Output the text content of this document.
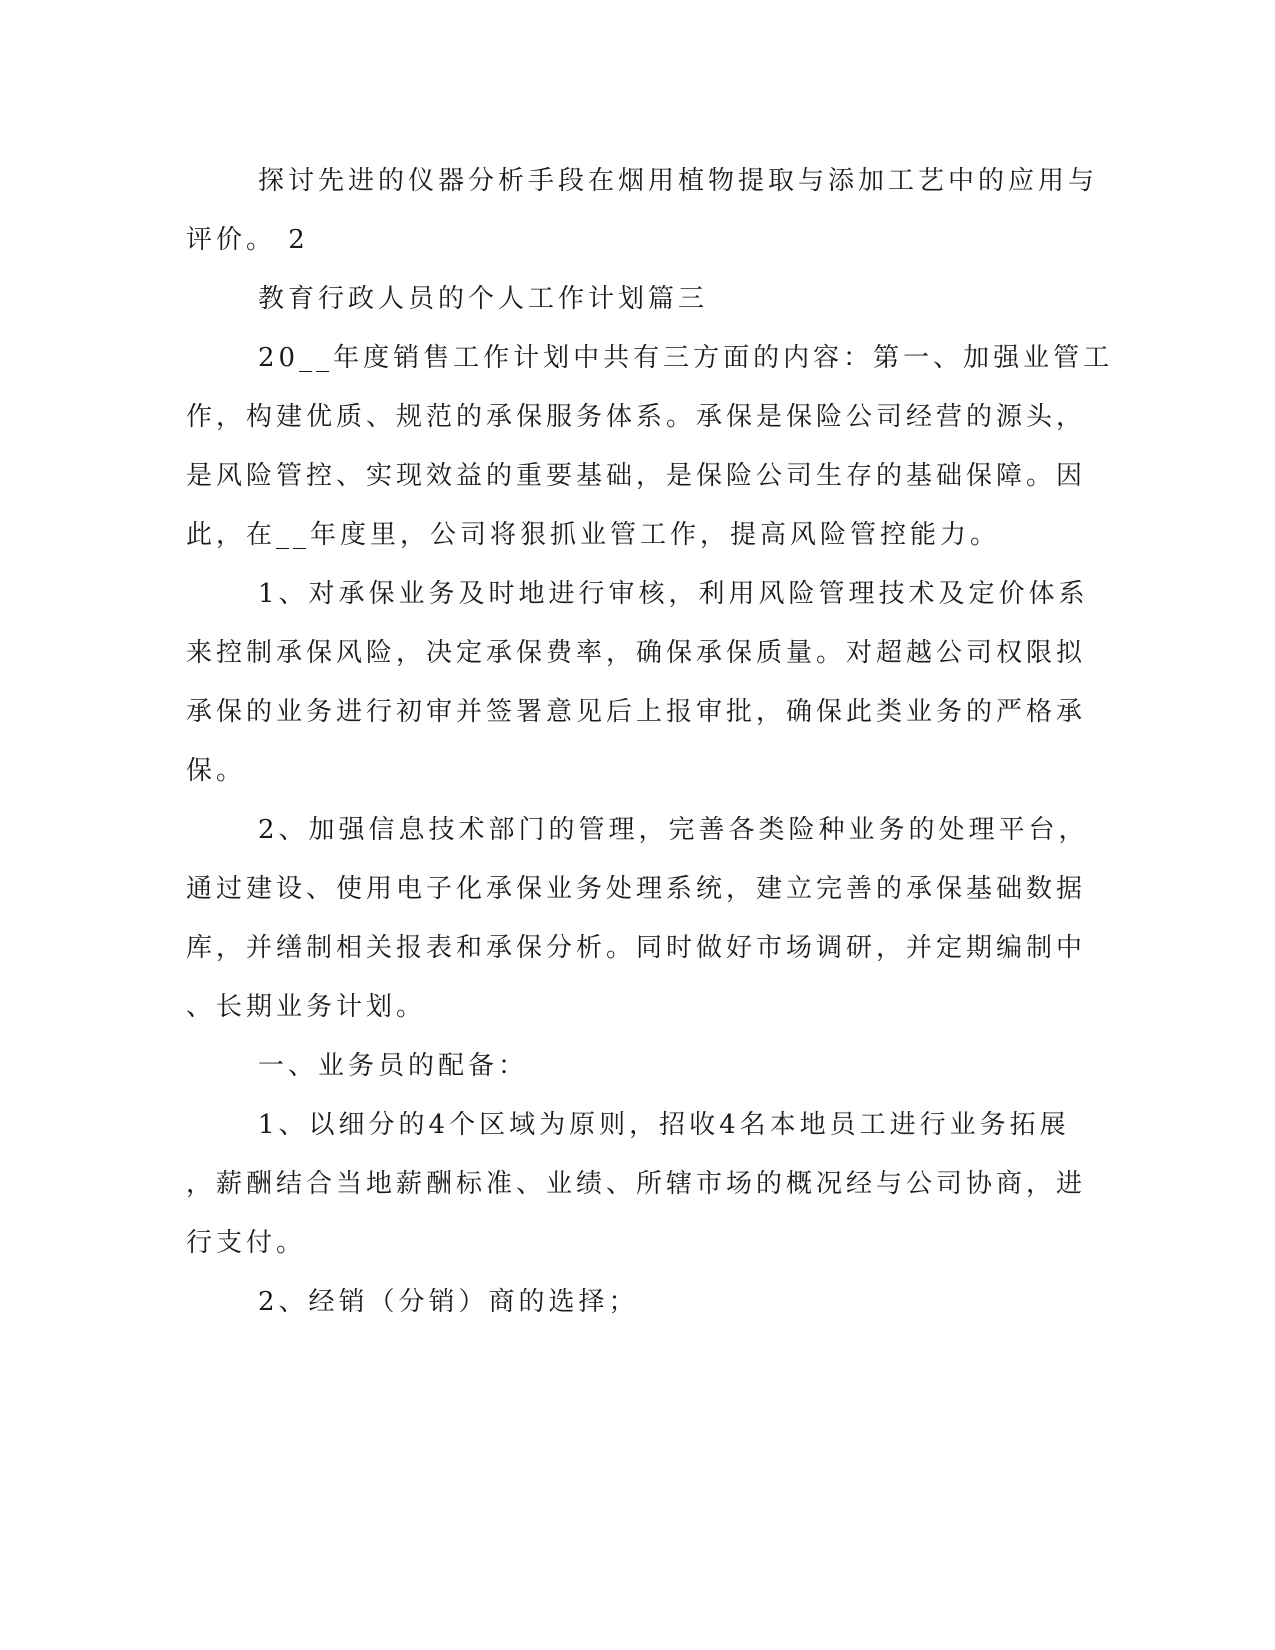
探讨先进的仪器分析手段在烟用植物提取与添加工艺中的应用与
评价。 2
教育行政人员的个人工作计划篇三
20__年度销售工作计划中共有三方面的内容：第一、加强业管工
作，构建优质、规范的承保服务体系。承保是保险公司经营的源头，
是风险管控、实现效益的重要基础，是保险公司生存的基础保障。因
此，在__年度里，公司将狠抓业管工作，提高风险管控能力。
1、对承保业务及时地进行审核，利用风险管理技术及定价体系
来控制承保风险，决定承保费率，确保承保质量。对超越公司权限拟
承保的业务进行初审并签署意见后上报审批，确保此类业务的严格承
保。
2、加强信息技术部门的管理，完善各类险种业务的处理平台，
通过建设、使用电子化承保业务处理系统，建立完善的承保基础数据
库，并缮制相关报表和承保分析。同时做好市场调研，并定期编制中
、长期业务计划。
一、业务员的配备：
1、以细分的4个区域为原则，招收4名本地员工进行业务拓展
，薪酬结合当地薪酬标准、业绩、所辖市场的概况经与公司协商，进
行支付。
2、经销（分销）商的选择；
